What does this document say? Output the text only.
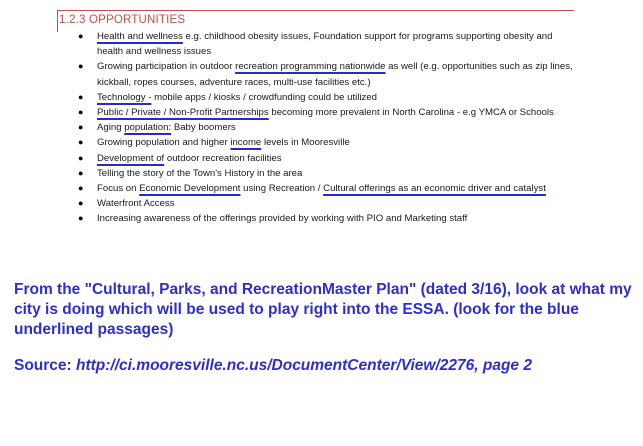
1.2.3 OPPORTUNITIES
● Health and wellness e.g. childhood obesity issues, Foundation support for programs supporting obesity and health and wellness issues
● Growing participation in outdoor recreation programming nationwide as well (e.g. opportunities such as zip lines, kickball, ropes courses, adventure races, multi-use facilities etc.)
● Technology - mobile apps / kiosks / crowdfunding could be utilized
● Public / Private / Non-Profit Partnerships becoming more prevalent in North Carolina - e.g YMCA or Schools
● Aging population: Baby boomers
● Growing population and higher income levels in Mooresville
● Development of outdoor recreation facilities
● Telling the story of the Town's History in the area
● Focus on Economic Development using Recreation / Cultural offerings as an economic driver and catalyst
● Waterfront Access
● Increasing awareness of the offerings provided by working with PIO and Marketing staff
From the "Cultural, Parks, and RecreationMaster Plan" (dated 3/16), look at what my city is doing which will be used to play right into the ESSA. (look for the blue underlined passages)
Source: http://ci.mooresville.nc.us/DocumentCenter/View/2276, page 2
